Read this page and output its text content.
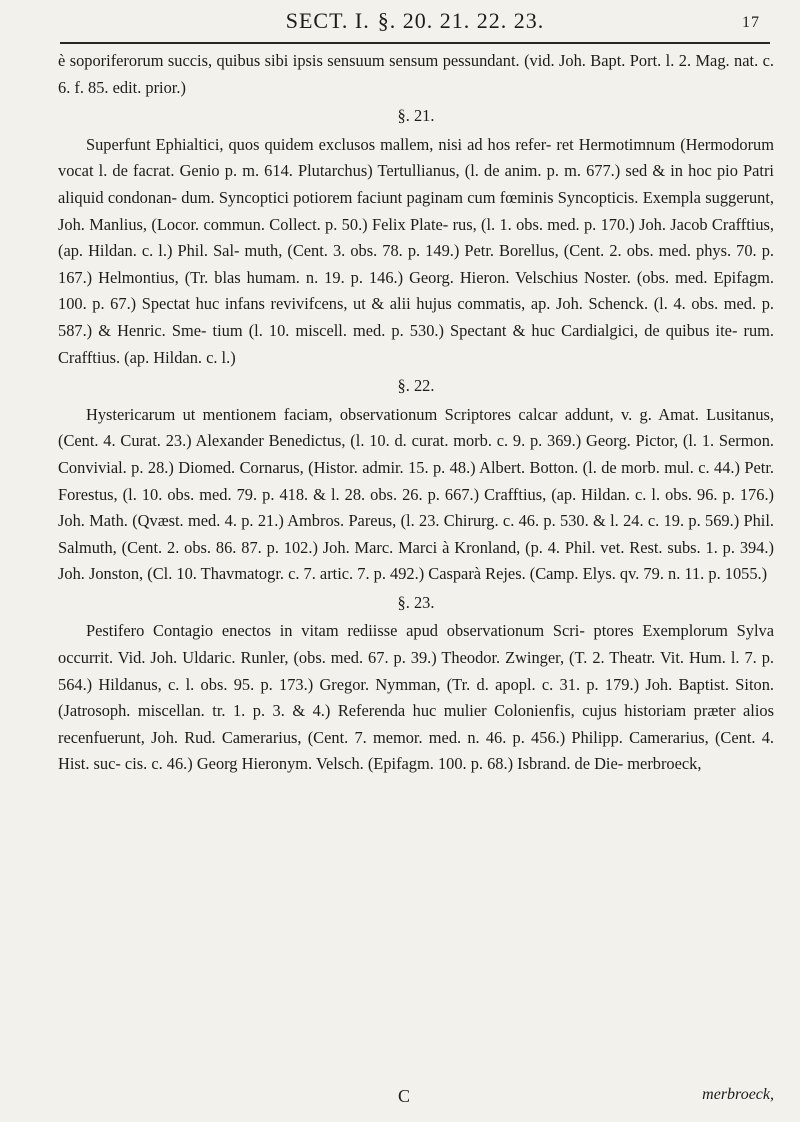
SECT. I. §. 20. 21. 22. 23.	17

è soporiferorum succis, quibus sibi ipsis sensuum sensum pessundant. (vid. Joh. Bapt. Port. l. 2. Mag. nat. c. 6. f. 85. edit. prior.)

§. 21.

Superfunt Ephialtici, quos quidem exclusos mallem, nisi ad hos refer- ret Hermotimnum (Hermodorum vocat l. de facrat. Genio p. m. 614. Plutarchus) Tertullianus, (l. de anim. p. m. 677.) sed & in hoc pio Patri aliquid condonan- dum. Syncoptici potiorem faciunt paginam cum fœminis Syncopticis. Exempla suggerunt, Joh. Manlius, (Locor. commun. Collect. p. 50.) Felix Plate- rus, (l. 1. obs. med. p. 170.) Joh. Jacob Crafftius, (ap. Hildan. c. l.) Phil. Sal- muth, (Cent. 3. obs. 78. p. 149.) Petr. Borellus, (Cent. 2. obs. med. phys. 70. p. 167.) Helmontius, (Tr. blas humam. n. 19. p. 146.) Georg. Hieron. Velschius Noster. (obs. med. Epifagm. 100. p. 67.) Spectat huc infans revivifcens, ut & alii hujus commatis, ap. Joh. Schenck. (l. 4. obs. med. p. 587.) & Henric. Sme- tium (l. 10. miscell. med. p. 530.) Spectant & huc Cardialgici, de quibus ite- rum. Crafftius. (ap. Hildan. c. l.)

§. 22.

Hystericarum ut mentionem faciam, observationum Scriptores calcar addunt, v. g. Amat. Lusitanus, (Cent. 4. Curat. 23.) Alexander Benedictus, (l. 10. d. curat. morb. c. 9. p. 369.) Georg. Pictor, (l. 1. Sermon. Convivial. p. 28.) Diomed. Cornarus, (Histor. admir. 15. p. 48.) Albert. Botton. (l. de morb. mul. c. 44.) Petr. Forestus, (l. 10. obs. med. 79. p. 418. & l. 28. obs. 26. p. 667.) Crafftius, (ap. Hildan. c. l. obs. 96. p. 176.) Joh. Math. (Qvæst. med. 4. p. 21.) Ambros. Pareus, (l. 23. Chirurg. c. 46. p. 530. & l. 24. c. 19. p. 569.) Phil. Salmuth, (Cent. 2. obs. 86. 87. p. 102.) Joh. Marc. Marci à Kronland, (p. 4. Phil. vet. Rest. subs. 1. p. 394.) Joh. Jonston, (Cl. 10. Thavmatogr. c. 7. artic. 7. p. 492.) Casparà Rejes. (Camp. Elys. qv. 79. n. 11. p. 1055.)

§. 23.

Pestifero Contagio enectos in vitam rediisse apud observationum Scri- ptores Exemplorum Sylva occurrit. Vid. Joh. Uldaric. Runler, (obs. med. 67. p. 39.) Theodor. Zwinger, (T. 2. Theatr. Vit. Hum. l. 7. p. 564.) Hildanus, c. l. obs. 95. p. 173.) Gregor. Nymman, (Tr. d. apopl. c. 31. p. 179.) Joh. Baptist. Siton. (Jatrosoph. miscellan. tr. 1. p. 3. & 4.) Referenda huc mulier Colonienfis, cujus historiam præter alios recenfuerunt, Joh. Rud. Camerarius, (Cent. 7. memor. med. n. 46. p. 456.) Philipp. Camerarius, (Cent. 4. Hist. suc- cis. c. 46.) Georg Hieronym. Velsch. (Epifagm. 100. p. 68.) Isbrand. de Die- merbroeck,

C	merbroeck,
